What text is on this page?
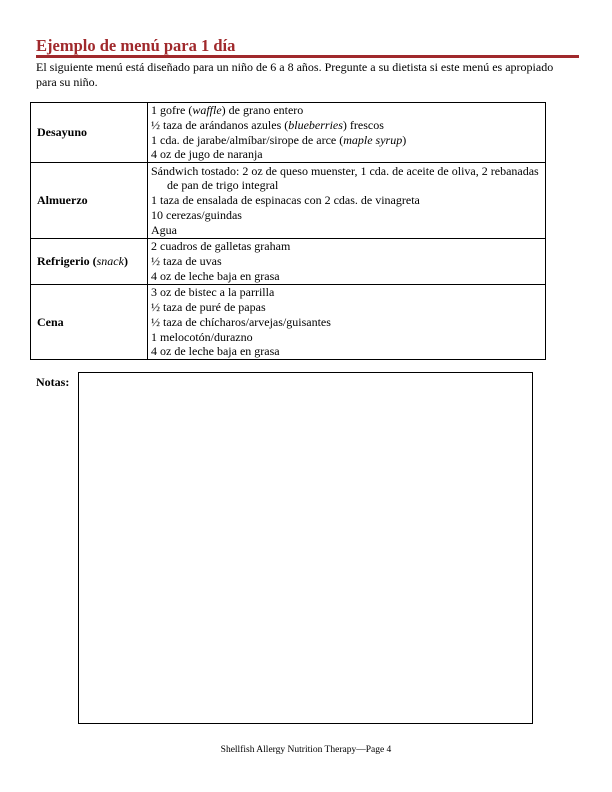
Ejemplo de menú para 1 día
El siguiente menú está diseñado para un niño de 6 a 8 años. Pregunte a su dietista si este menú es apropiado para su niño.
Desayuno	1 gofre (waffle) de grano entero
½ taza de arándanos azules (blueberries) frescos
1 cda. de jarabe/almíbar/sirope de arce (maple syrup)
4 oz de jugo de naranja

Almuerzo	Sándwich tostado: 2 oz de queso muenster, 1 cda. de aceite de oliva, 2 rebanadas de pan de trigo integral
1 taza de ensalada de espinacas con 2 cdas. de vinagreta
10 cerezas/guindas
Agua

Refrigerio (snack)	2 cuadros de galletas graham
½ taza de uvas
4 oz de leche baja en grasa

Cena	3 oz de bistec a la parrilla
½ taza de puré de papas
½ taza de chícharos/arvejas/guisantes
1 melocotón/durazno
4 oz de leche baja en grasa
Notas:
Shellfish Allergy Nutrition Therapy—Page 4
